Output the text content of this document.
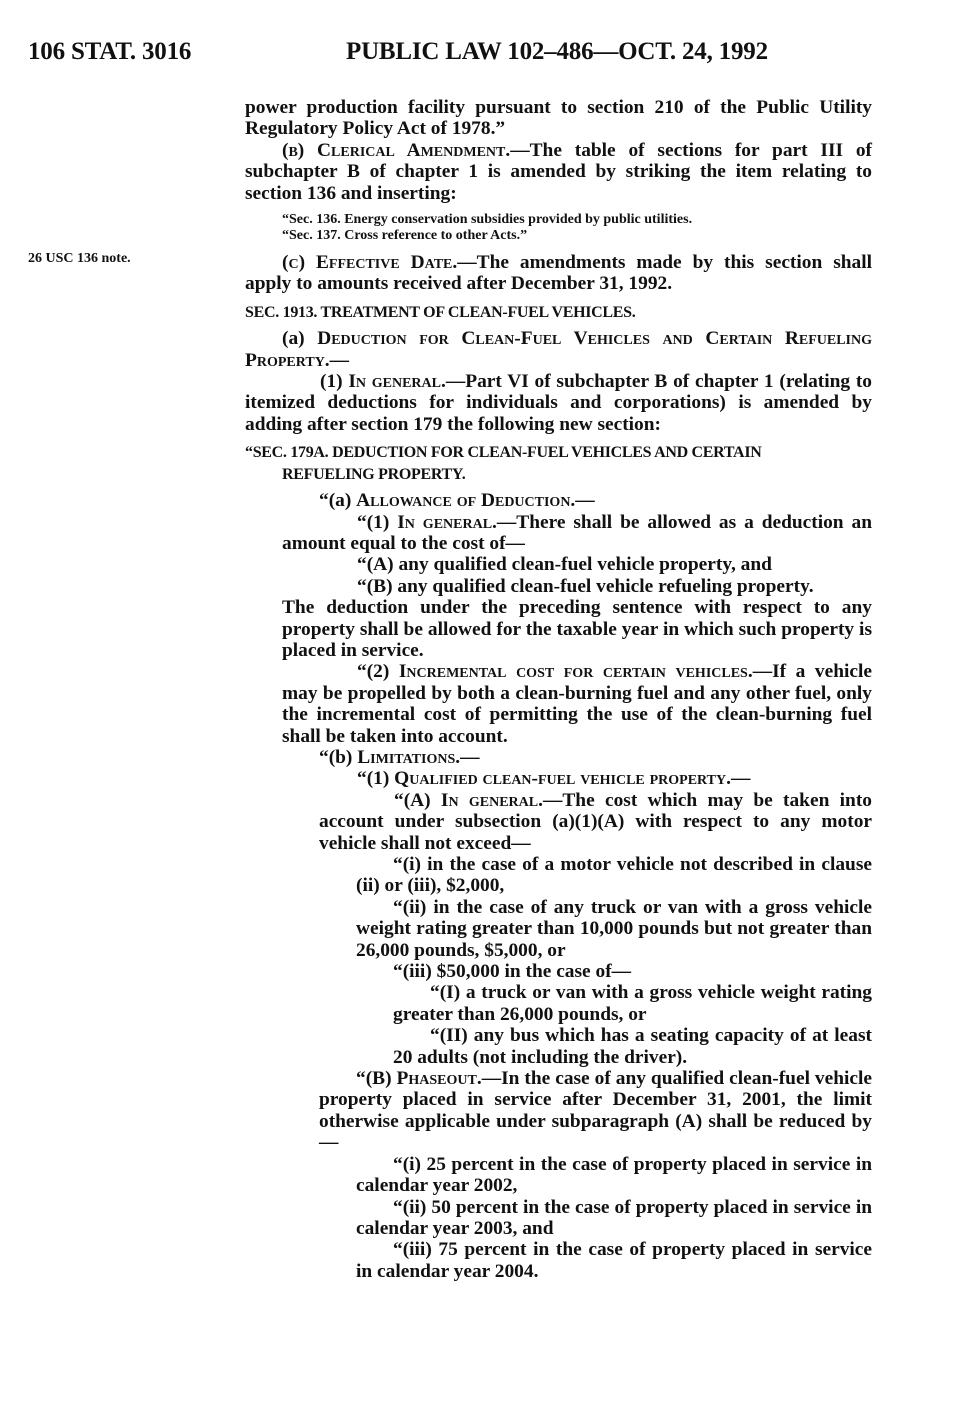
106 STAT. 3016	PUBLIC LAW 102–486—OCT. 24, 1992
26 USC 136 note.

power production facility pursuant to section 210 of the Public Utility Regulatory Policy Act of 1978.”

(b) Clerical Amendment.—The table of sections for part III of subchapter B of chapter 1 is amended by striking the item relating to section 136 and inserting:

“Sec. 136. Energy conservation subsidies provided by public utilities.
“Sec. 137. Cross reference to other Acts.”

(c) Effective Date.—The amendments made by this section shall apply to amounts received after December 31, 1992.

SEC. 1913. TREATMENT OF CLEAN-FUEL VEHICLES.

(a) Deduction for Clean-Fuel Vehicles and Certain Refueling Property.—

(1) In general.—Part VI of subchapter B of chapter 1 (relating to itemized deductions for individuals and corporations) is amended by adding after section 179 the following new section:

“SEC. 179A. DEDUCTION FOR CLEAN-FUEL VEHICLES AND CERTAIN
REFUELING PROPERTY.

“(a) Allowance of Deduction.—

“(1) In general.—There shall be allowed as a deduction an amount equal to the cost of—

“(A) any qualified clean-fuel vehicle property, and

“(B) any qualified clean-fuel vehicle refueling property.

The deduction under the preceding sentence with respect to any property shall be allowed for the taxable year in which such property is placed in service.

“(2) Incremental cost for certain vehicles.—If a vehicle may be propelled by both a clean-burning fuel and any other fuel, only the incremental cost of permitting the use of the clean-burning fuel shall be taken into account.

“(b) Limitations.—

“(1) Qualified clean-fuel vehicle property.—

“(A) In general.—The cost which may be taken into account under subsection (a)(1)(A) with respect to any motor vehicle shall not exceed—

“(i) in the case of a motor vehicle not described in clause (ii) or (iii), $2,000,

“(ii) in the case of any truck or van with a gross vehicle weight rating greater than 10,000 pounds but not greater than 26,000 pounds, $5,000, or

“(iii) $50,000 in the case of—

“(I) a truck or van with a gross vehicle weight rating greater than 26,000 pounds, or

“(II) any bus which has a seating capacity of at least 20 adults (not including the driver).

“(B) Phaseout.—In the case of any qualified clean-fuel vehicle property placed in service after December 31, 2001, the limit otherwise applicable under subparagraph (A) shall be reduced by—

“(i) 25 percent in the case of property placed in service in calendar year 2002,

“(ii) 50 percent in the case of property placed in service in calendar year 2003, and

“(iii) 75 percent in the case of property placed in service in calendar year 2004.
